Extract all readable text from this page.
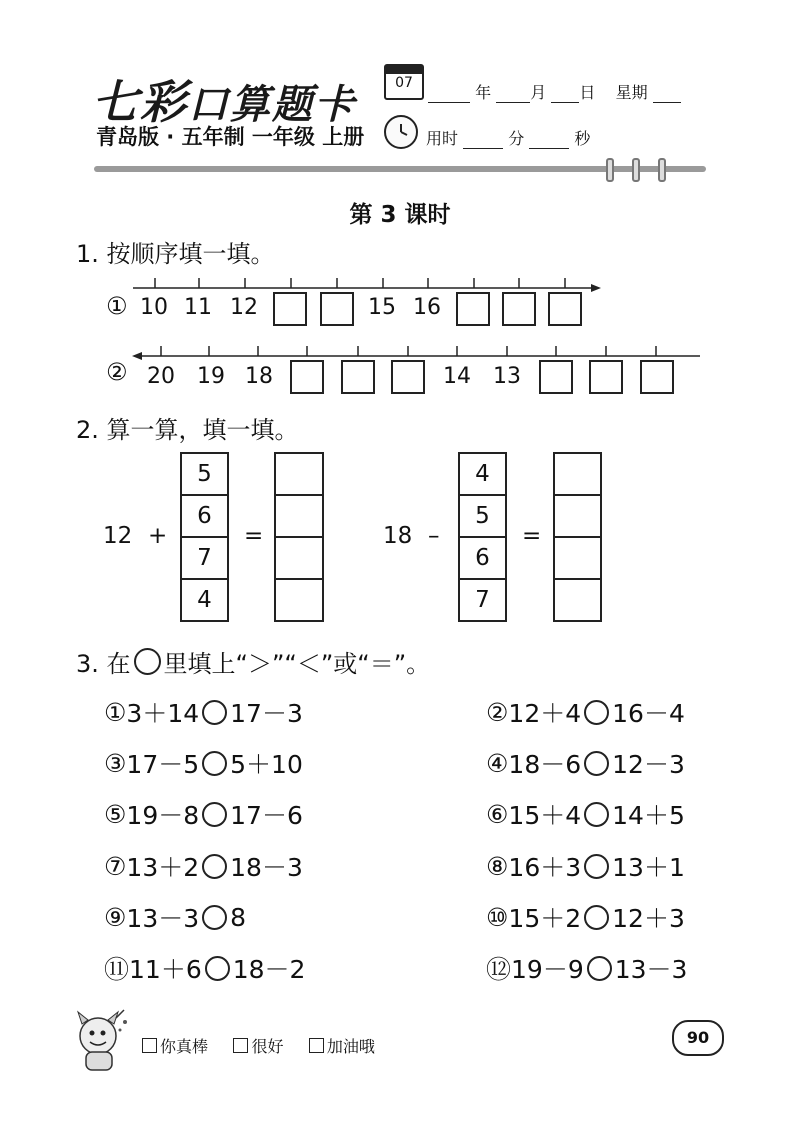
七彩口算题卡	07	年 月 日 星期
青岛版 · 五年制 一年级 上册	用时	分	秒
第 3 课时
1. 按顺序填一填。
① 10 11 12	15 16
② 20 19 18	14 13
2. 算一算，填一填。
12 +
5
6
7
4
=	18 –
4
5
6
7
=
3. 在 里填上“＞”“＜”或“＝”。
① 3＋14 17－3	② 12＋4 16－4
③ 17－5 5＋10	④ 18－6 12－3
⑤ 19－8 17－6	⑥ 15＋4 14＋5
⑦ 13＋2 18－3	⑧ 16＋3 13＋1
⑨ 13－3 8	⑩ 15＋2 12＋3
⑪ 11＋6 18－2	⑫ 19－9 13－3
你真棒	很好	加油哦	90
